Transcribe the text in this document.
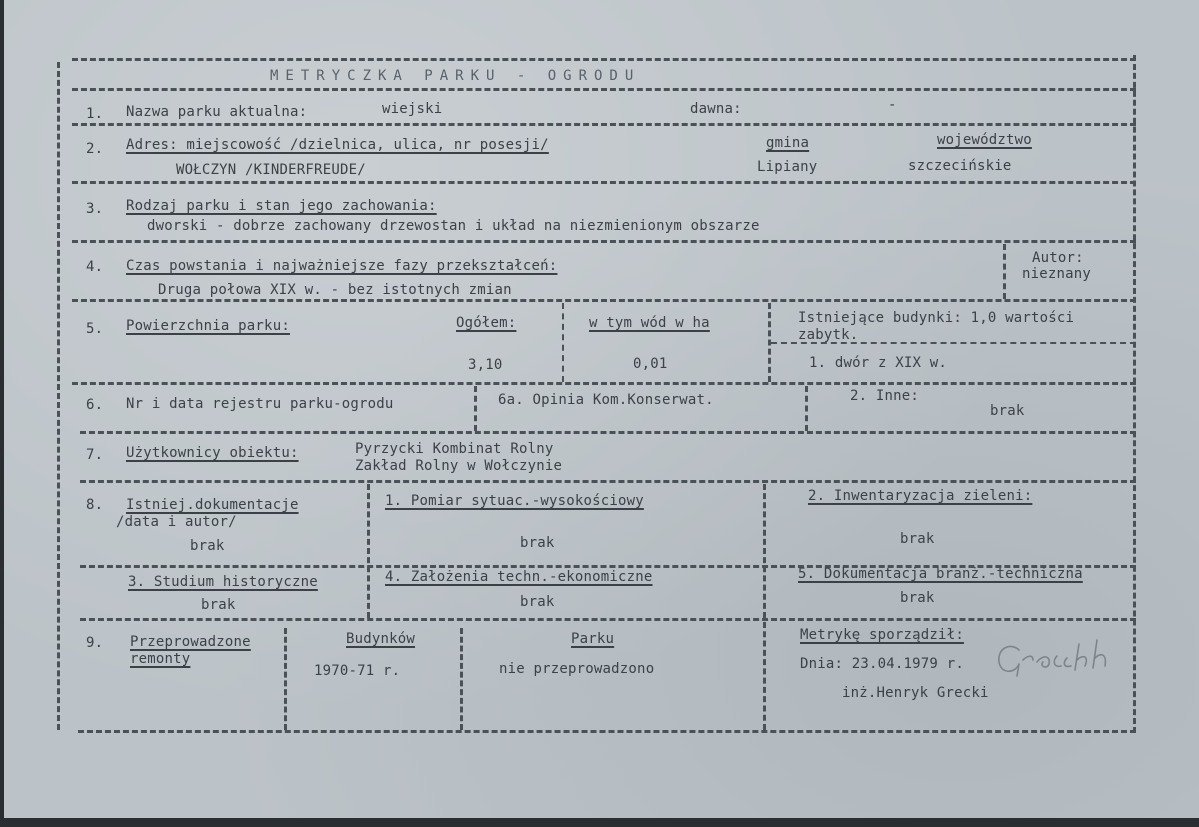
METRYCZKA PARKU - OGRODU
1. Nazwa parku aktualna:	wiejski	dawna:	-
2. Adres: miejscowość /dzielnica, ulica, nr posesji/
WOŁCZYN /KINDERFREUDE/
gmina
Lipiany
województwo
szczecińskie
3. Rodzaj parku i stan jego zachowania:
dworski - dobrze zachowany drzewostan i układ na niezmienionym obszarze
4. Czas powstania i najważniejsze fazy przekształceń:
Druga połowa XIX w. - bez istotnych zmian
Autor:
nieznany
5. Powierzchnia parku:	Ogółem:
3,10
w tym wód w ha
0,01
Istniejące budynki: 1,0 wartości zabytk.
1. dwór z XIX w.
6. Nr i data rejestru parku-ogrodu	6a. Opinia Kom.Konserwat.	2. Inne:
brak
7. Użytkownicy obiektu:	Pyrzycki Kombinat Rolny
Zakład Rolny w Wołczynie
8. Istniej.dokumentacje
/data i autor/
brak
1. Pomiar sytuac.-wysokościowy
brak
2. Inwentaryzacja zieleni:
brak
3. Studium historyczne
brak
4. Założenia techn.-ekonomiczne
brak
5. Dokumentacja branż.-techniczna
brak
9. Przeprowadzone
remonty
Budynków
1970-71 r.
Parku
nie przeprowadzono
Metrykę sporządził:
Dnia: 23.04.1979 r.
inż.Henryk Grecki
